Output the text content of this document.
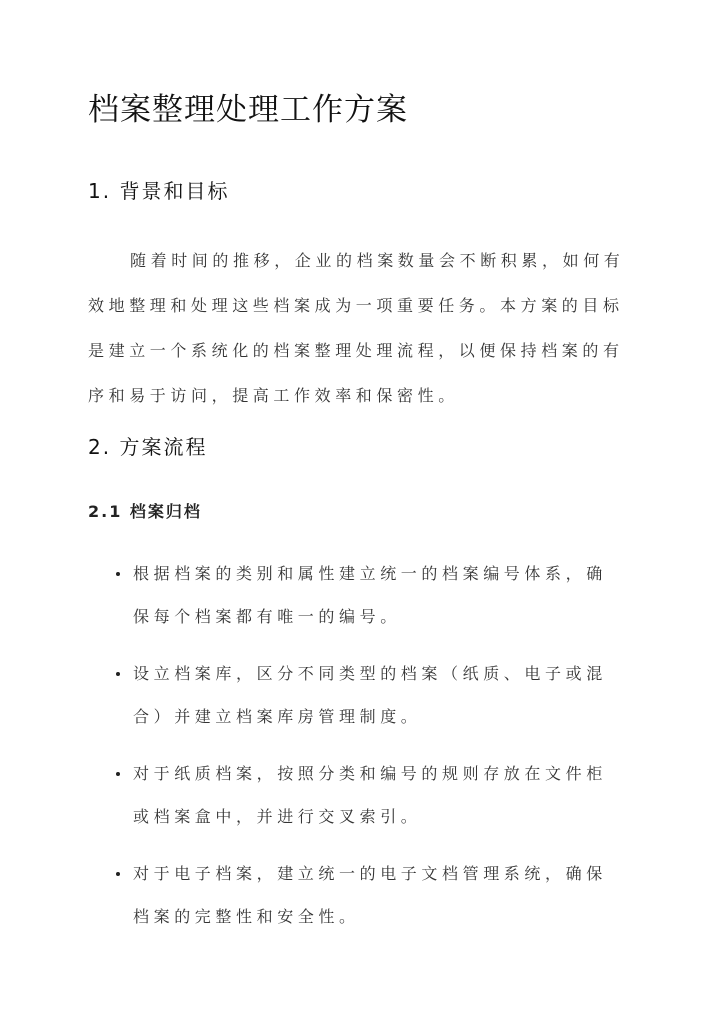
档案整理处理工作方案
1. 背景和目标

随着时间的推移，企业的档案数量会不断积累，如何有效地整理和处理这些档案成为一项重要任务。本方案的目标是建立一个系统化的档案整理处理流程，以便保持档案的有序和易于访问，提高工作效率和保密性。

2. 方案流程
2.1 档案归档
根据档案的类别和属性建立统一的档案编号体系，确保每个档案都有唯一的编号。
设立档案库，区分不同类型的档案（纸质、电子或混合）并建立档案库房管理制度。
对于纸质档案，按照分类和编号的规则存放在文件柜或档案盒中，并进行交叉索引。
对于电子档案，建立统一的电子文档管理系统，确保档案的完整性和安全性。
